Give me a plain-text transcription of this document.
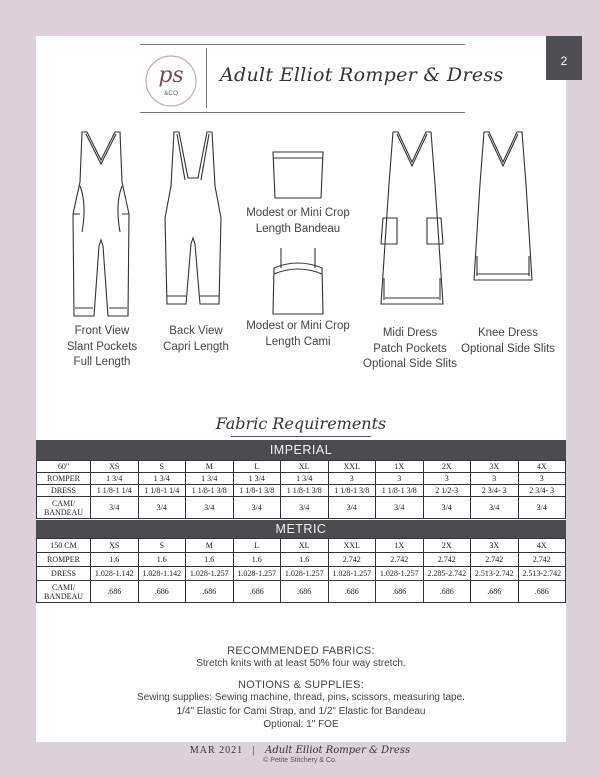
2
ps
&CO
Adult Elliot Romper & Dress
Modest or Mini Crop
Length Bandeau
Front View
Slant Pockets
Full Length
Back View
Capri Length
Modest or Mini Crop
Length Cami
Midi Dress
Patch Pockets
Optional Side Slits
Knee Dress
Optional Side Slits
Fabric Requirements
IMPERIAL
60"	XS	S	M	L	XL	XXL	1X	2X	3X	4X
ROMPER	1 3/4	1 3/4	1 3/4	1 3/4	1 3/4	3	3	3	3	3
DRESS	1 1/8-1 1/4	1 1/8-1 1/4	1 1/8-1 3/8	1 1/8-1 3/8	1 1/8-1 3/8	1 1/8-1 3/8	1 1/8-1 3/8	2 1/2-3	2 3/4- 3	2 3/4- 3
CAMI/
BANDEAU	3/4	3/4	3/4	3/4	3/4	3/4	3/4	3/4	3/4	3/4
METRIC
150 CM	XS	S	M	L	XL	XXL	1X	2X	3X	4X
ROMPER	1.6	1.6	1.6	1.6	1.6	2.742	2.742	2.742	2.742	2.742
DRESS	1.028-1.142	1.028-1.142	1.028-1.257	1.028-1.257	1.028-1.257	1.028-1.257	1.028-1.257	2.285-2.742	2.513-2.742	2.513-2.742
CAMI/
BANDEAU	.686	.686	.686	.686	.686	.686	.686	.686	.686	.686
RECOMMENDED FABRICS:
Stretch knits with at least 50% four way stretch.
NOTIONS & SUPPLIES:
Sewing supplies: Sewing machine, thread, pins, scissors, measuring tape.
1/4" Elastic for Cami Strap, and 1/2" Elastic for Bandeau
Optional: 1" FOE
MAR 2021 | Adult Elliot Romper & Dress
© Petite Stitchery & Co.
